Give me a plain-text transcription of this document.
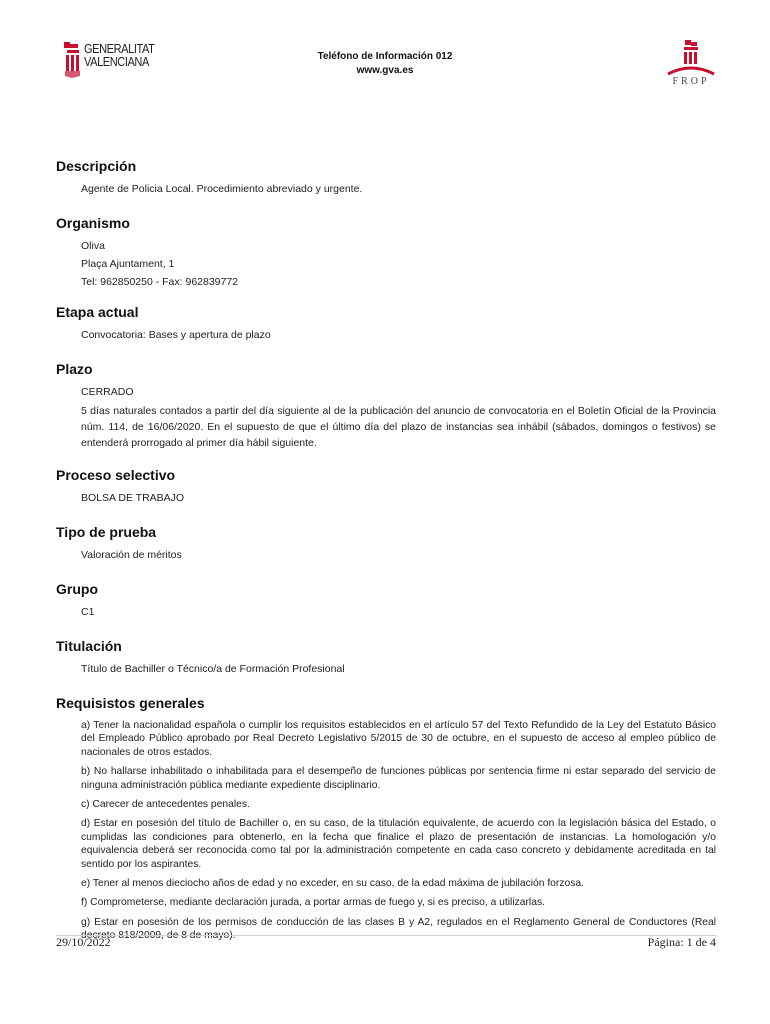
GENERALITAT
VALENCIANA	Teléfono de Información 012
www.gva.es
FROP
Descripción
Agente de Policia Local. Procedimiento abreviado y urgente.
Organismo
Oliva
Plaça Ajuntament, 1
Tel: 962850250 - Fax: 962839772
Etapa actual
Convocatoria: Bases y apertura de plazo
Plazo
CERRADO
5 días naturales contados a partir del día siguiente al de la publicación del anuncio de convocatoria en el Boletín Oficial de la Provincia núm. 114, de 16/06/2020. En el supuesto de que el último día del plazo de instancias sea inhábil (sábados, domingos o festivos) se entenderá prorrogado al primer día hábil siguiente.
Proceso selectivo
BOLSA DE TRABAJO
Tipo de prueba
Valoración de méritos
Grupo
C1
Titulación
Título de Bachiller o Técnico/a de Formación Profesional
Requisistos generales

a) Tener la nacionalidad española o cumplir los requisitos establecidos en el artículo 57 del Texto Refundido de la Ley del Estatuto Básico del Empleado Público aprobado por Real Decreto Legislativo 5/2015 de 30 de octubre, en el supuesto de acceso al empleo público de nacionales de otros estados.

b) No hallarse inhabilitado o inhabilitada para el desempeño de funciones públicas por sentencia firme ni estar separado del servicio de ninguna administración pública mediante expediente disciplinario.

c) Carecer de antecedentes penales.

d) Estar en posesión del título de Bachiller o, en su caso, de la titulación equivalente, de acuerdo con la legislación básica del Estado, o cumplidas las condiciones para obtenerlo, en la fecha que finalice el plazo de presentación de instancias. La homologación y/o equivalencia deberá ser reconocida como tal por la administración competente en cada caso concreto y debidamente acreditada en tal sentido por los aspirantes.

e) Tener al menos dieciocho años de edad y no exceder, en su caso, de la edad máxima de jubilación forzosa.

f) Comprometerse, mediante declaración jurada, a portar armas de fuego y, si es preciso, a utilizarlas.

g) Estar en posesión de los permisos de conducción de las clases B y A2, regulados en el Reglamento General de Conductores (Real decreto 818/2009, de 8 de mayo).

29/10/2022	Página: 1 de 4
